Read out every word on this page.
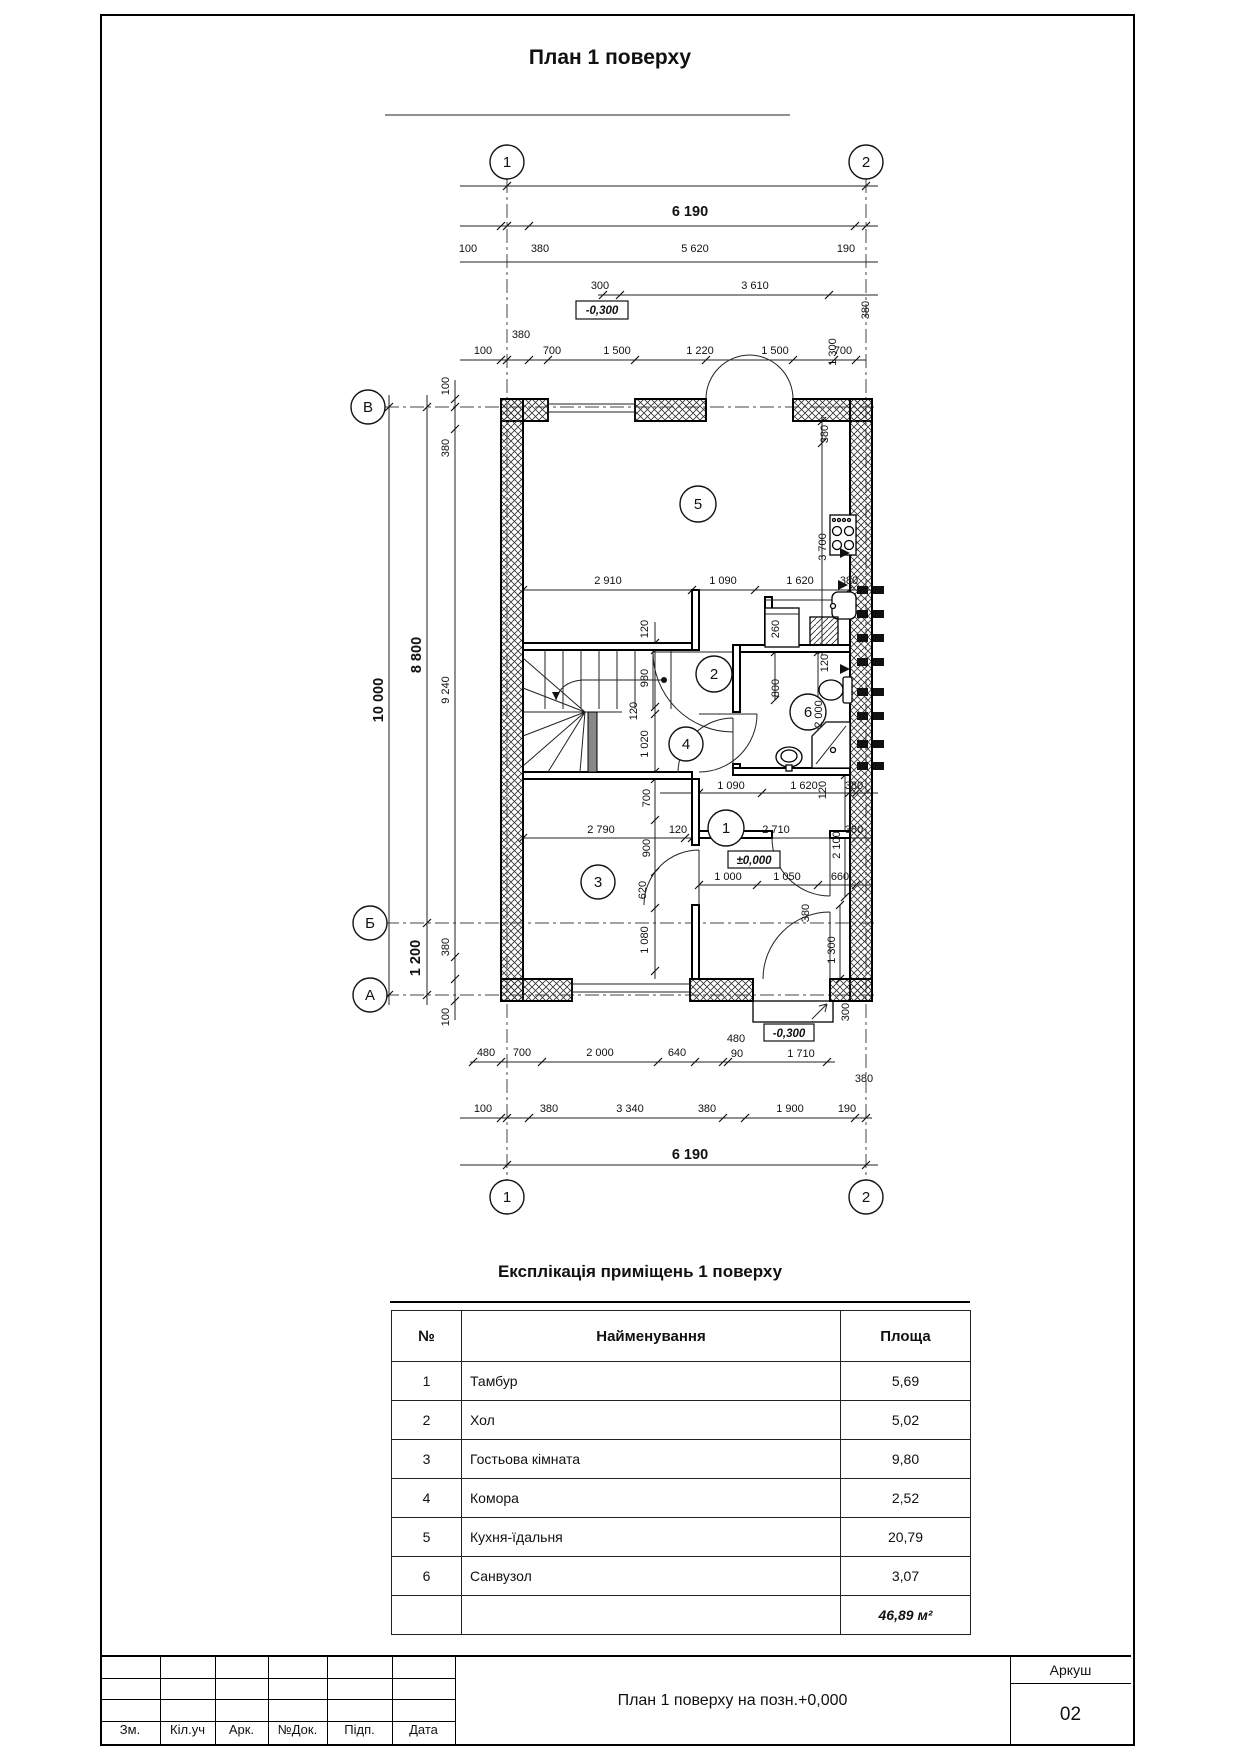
План 1 поверху
1	2
1	2
В
Б
А
5
2
4
6
1
3
-0,300
±0,000
-0,300
6 190
100	380	5 620	190
300	3 610
380
100	700	1 500	1 220	1 500	700
1 300
380
10 000
8 800
9 240
100
380
1 200 380
100
380
3 700
2 910	1 090	1 620 380
120
980
120
1 020
700
900
620
1 080
260
120
800
2 000
1 090	1 620 120 380
2 790	120	2 710	380
1 000	1 050	660
2 100
380
1 300
300
380
480 700	2 000	640
480
90	1 710
100	380	3 340	380	1 900	190
6 190
Експлікація приміщень 1 поверху
№	Найменування	Площа
1	Тамбур	5,69
2	Хол	5,02
3	Гостьова кімната	9,80
4	Комора	2,52
5	Кухня-їдальня	20,79
6	Санвузол	3,07
		46,89 м²
Зм.	Кіл.уч	Арк.	№Док.	Підп.	Дата
План 1 поверху на позн.+0,000
Аркуш
02
